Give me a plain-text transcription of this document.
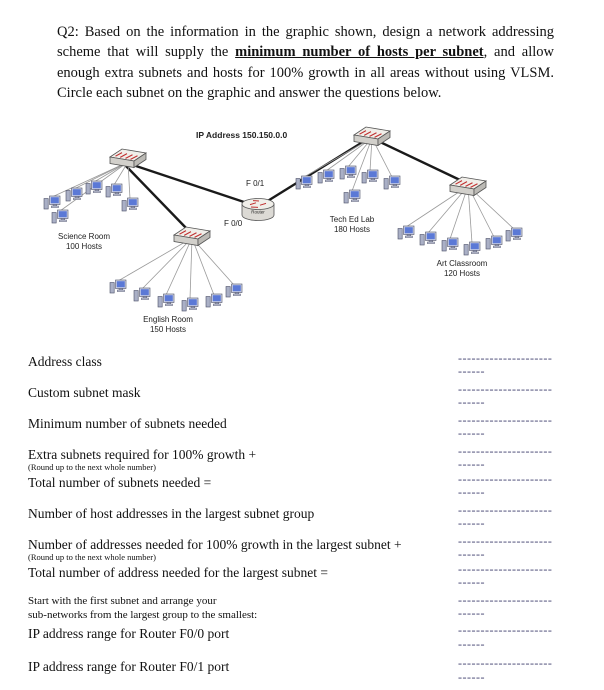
Q2: Based on the information in the graphic shown, design a network addressing scheme that will supply the minimum number of hosts per subnet, and allow enough extra subnets and hosts for 100% growth in all areas without using VLSM. Circle each subnet on the graphic and answer the questions below.

IP Address 150.150.0.0
F 0/1
F 0/0
Router
Science Room
100 Hosts
English Room
150 Hosts
Tech Ed Lab
180 Hosts
Art Classroom
120 Hosts
Address class	---------------------
------
Custom subnet mask	---------------------
------
Minimum number of subnets needed	---------------------
------
Extra subnets required for 100% growth +
(Round up to the next whole number)
---------------------
------
Total number of subnets needed =	---------------------
------
Number of host addresses in the largest subnet group	---------------------
------
Number of addresses needed for 100% growth in the largest subnet +
(Round up to the next whole number)
---------------------
------
Total number of address needed for the largest subnet =	---------------------
------
Start with the first subnet and arrange your
sub-networks from the largest group to the smallest:
---------------------
------
IP address range for Router F0/0 port	---------------------
------
IP address range for Router F0/1 port	---------------------
------
